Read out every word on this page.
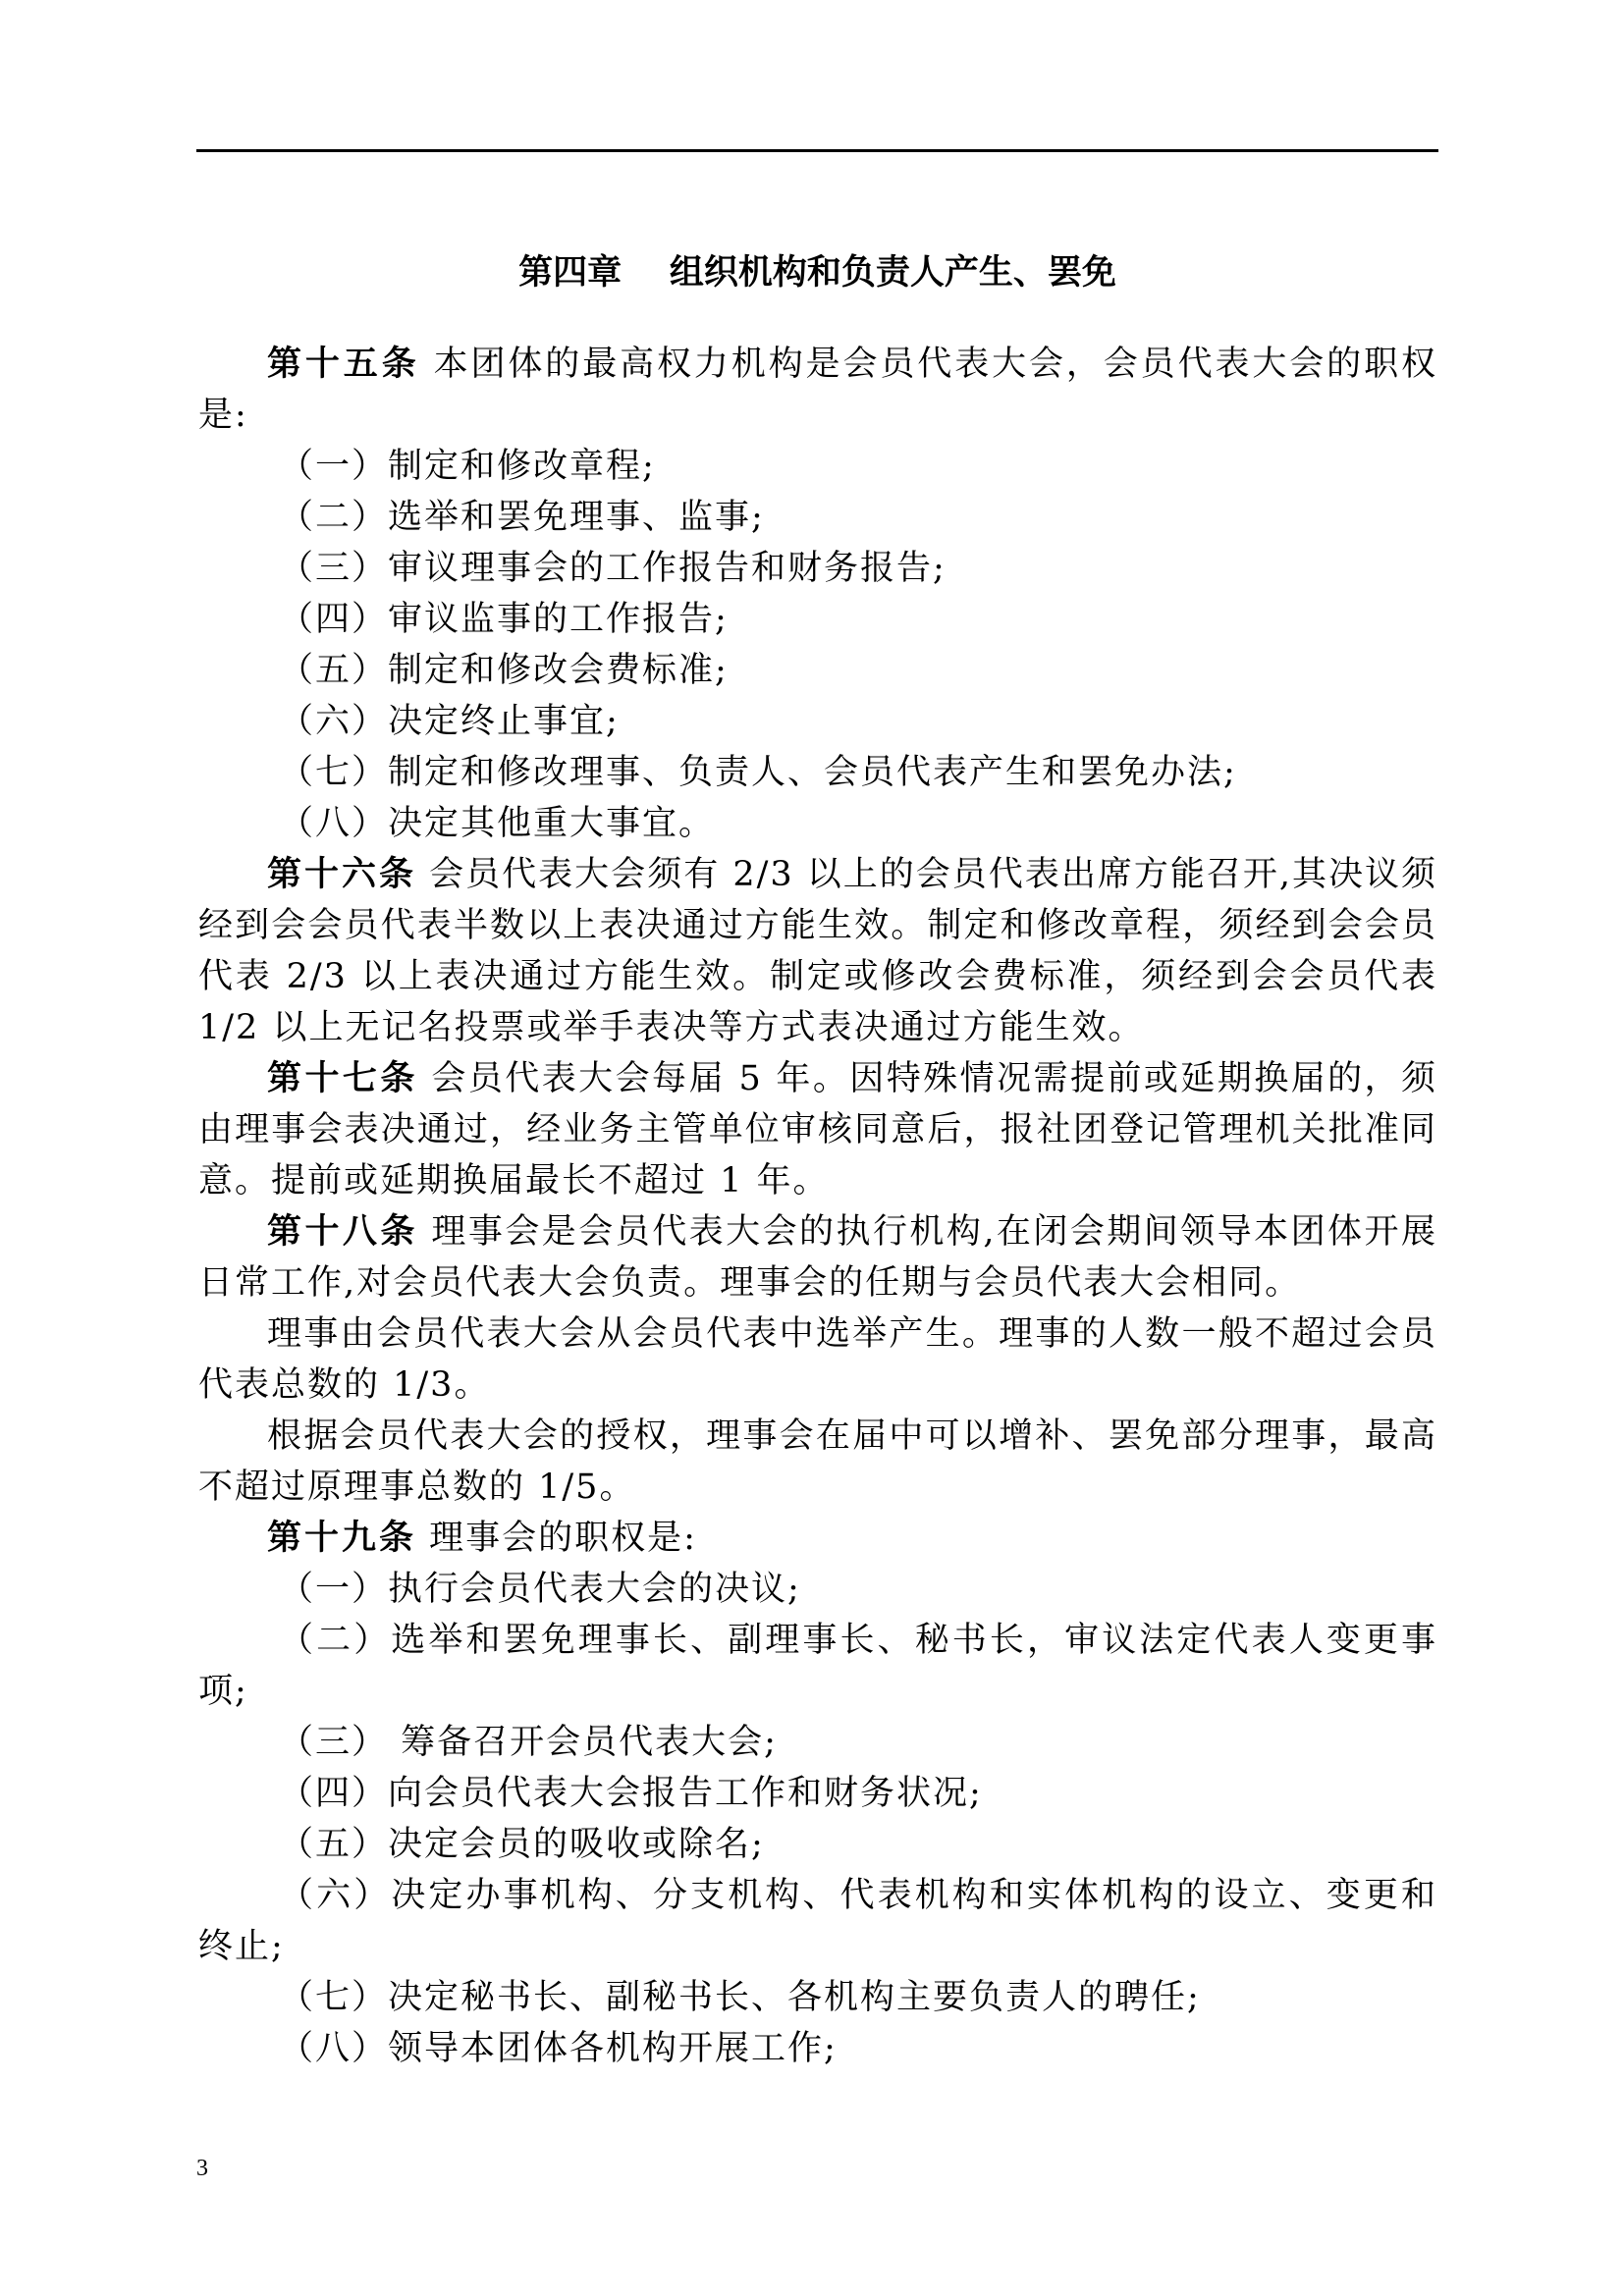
第四章    组织机构和负责人产生、罢免

第十五条 本团体的最高权力机构是会员代表大会，会员代表大会的职权是:

（一）制定和修改章程;

（二）选举和罢免理事、监事;

（三）审议理事会的工作报告和财务报告;

（四）审议监事的工作报告;

（五）制定和修改会费标准;

（六）决定终止事宜;

（七）制定和修改理事、负责人、会员代表产生和罢免办法;

（八）决定其他重大事宜。

第十六条 会员代表大会须有 2/3 以上的会员代表出席方能召开,其决议须经到会会员代表半数以上表决通过方能生效。制定和修改章程，须经到会会员代表 2/3 以上表决通过方能生效。制定或修改会费标准，须经到会会员代表 1/2 以上无记名投票或举手表决等方式表决通过方能生效。

第十七条 会员代表大会每届 5 年。因特殊情况需提前或延期换届的，须由理事会表决通过，经业务主管单位审核同意后，报社团登记管理机关批准同意。提前或延期换届最长不超过 1 年。

第十八条 理事会是会员代表大会的执行机构,在闭会期间领导本团体开展日常工作,对会员代表大会负责。理事会的任期与会员代表大会相同。

理事由会员代表大会从会员代表中选举产生。理事的人数一般不超过会员代表总数的 1/3。

根据会员代表大会的授权，理事会在届中可以增补、罢免部分理事，最高不超过原理事总数的 1/5。

第十九条 理事会的职权是:

（一）执行会员代表大会的决议;

（二）选举和罢免理事长、副理事长、秘书长，审议法定代表人变更事项;

（三） 筹备召开会员代表大会;

（四）向会员代表大会报告工作和财务状况;

（五）决定会员的吸收或除名;

（六）决定办事机构、分支机构、代表机构和实体机构的设立、变更和终止;

（七）决定秘书长、副秘书长、各机构主要负责人的聘任;

（八）领导本团体各机构开展工作;

3
